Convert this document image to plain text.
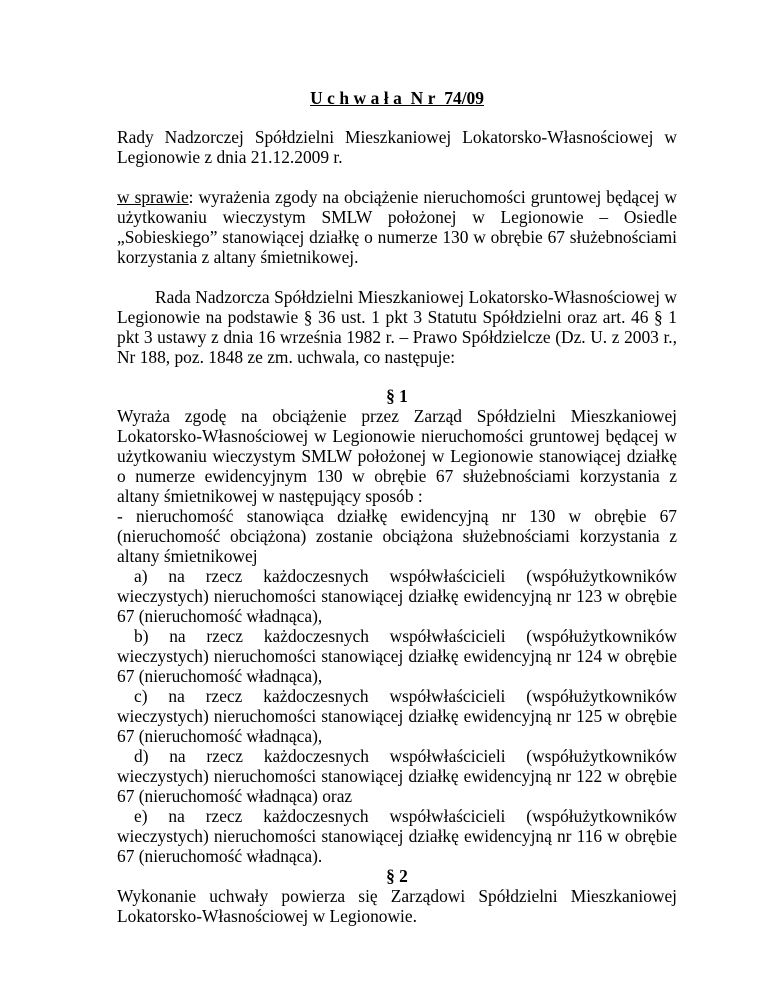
Uchwała Nr 74/09

Rady Nadzorczej Spółdzielni Mieszkaniowej Lokatorsko-Własnościowej w Legionowie z dnia 21.12.2009 r.

w sprawie: wyrażenia zgody na obciążenie nieruchomości gruntowej będącej w użytkowaniu wieczystym SMLW położonej w Legionowie – Osiedle „Sobieskiego” stanowiącej działkę o numerze 130 w obrębie 67 służebnościami korzystania z altany śmietnikowej.

Rada Nadzorcza Spółdzielni Mieszkaniowej Lokatorsko-Własnościowej w Legionowie na podstawie § 36 ust. 1 pkt 3 Statutu Spółdzielni oraz art. 46 § 1 pkt 3 ustawy z dnia 16 września 1982 r. – Prawo Spółdzielcze (Dz. U. z 2003 r., Nr 188, poz. 1848 ze zm. uchwala, co następuje:

§ 1

Wyraża zgodę na obciążenie przez Zarząd Spółdzielni Mieszkaniowej Lokatorsko-Własnościowej w Legionowie nieruchomości gruntowej będącej w użytkowaniu wieczystym SMLW położonej w Legionowie stanowiącej działkę o numerze ewidencyjnym 130 w obrębie 67 służebnościami korzystania z altany śmietnikowej w następujący sposób :

- nieruchomość stanowiąca działkę ewidencyjną nr 130 w obrębie 67 (nieruchomość obciążona) zostanie obciążona służebnościami korzystania z altany śmietnikowej

a) na rzecz każdoczesnych współwłaścicieli (współużytkowników wieczystych) nieruchomości stanowiącej działkę ewidencyjną nr 123 w obrębie 67 (nieruchomość władnąca),

b) na rzecz każdoczesnych współwłaścicieli (współużytkowników wieczystych) nieruchomości stanowiącej działkę ewidencyjną nr 124 w obrębie 67 (nieruchomość władnąca),

c) na rzecz każdoczesnych współwłaścicieli (współużytkowników wieczystych) nieruchomości stanowiącej działkę ewidencyjną nr 125 w obrębie 67 (nieruchomość władnąca),

d) na rzecz każdoczesnych współwłaścicieli (współużytkowników wieczystych) nieruchomości stanowiącej działkę ewidencyjną nr 122 w obrębie 67 (nieruchomość władnąca) oraz

e) na rzecz każdoczesnych współwłaścicieli (współużytkowników wieczystych) nieruchomości stanowiącej działkę ewidencyjną nr 116 w obrębie 67 (nieruchomość władnąca).

§ 2

Wykonanie uchwały powierza się Zarządowi Spółdzielni Mieszkaniowej Lokatorsko-Własnościowej w Legionowie.
